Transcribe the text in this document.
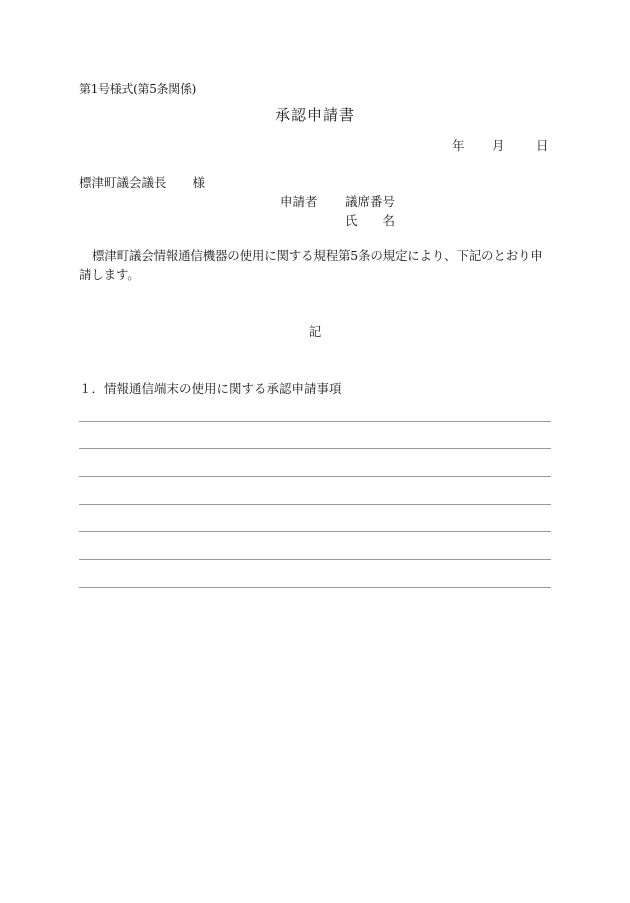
第1号様式(第5条関係)
承認申請書
年 月	日
標津町議会議長 様
申請者 議席番号
氏　　名
標津町議会情報通信機器の使用に関する規程第5条の規定により、下記のとおり申請します。
記
１．情報通信端末の使用に関する承認申請事項
